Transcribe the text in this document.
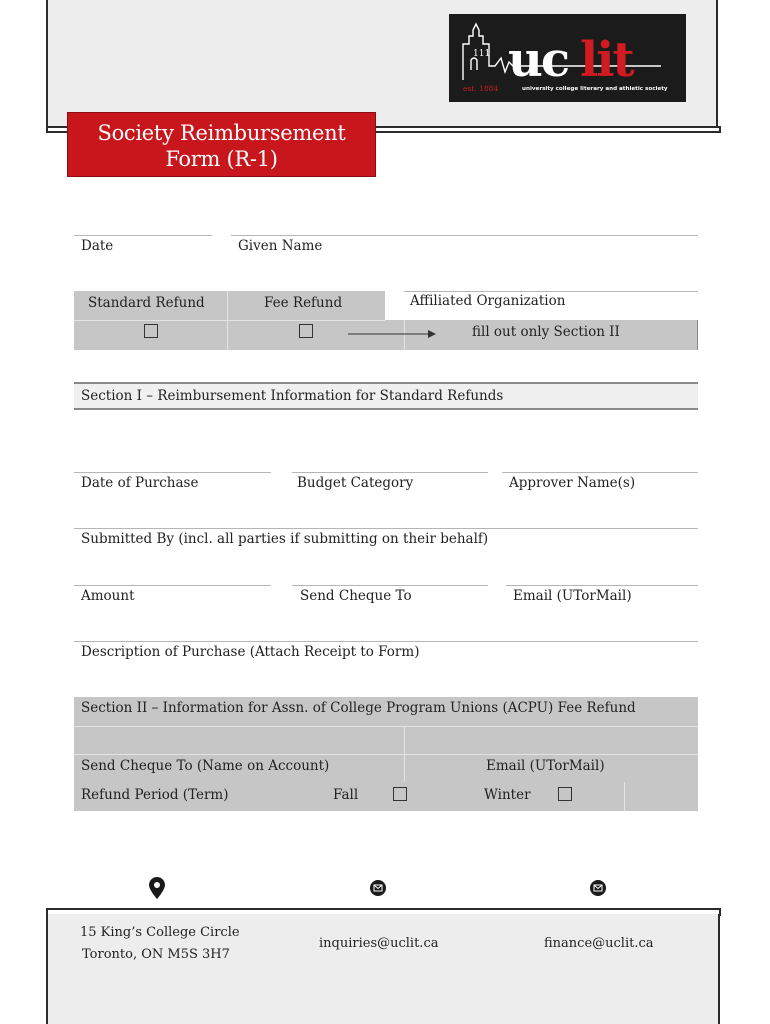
111 uc lit
est. 1884	university college literary and athletic society
Society Reimbursement
Form (R-1)
Date	Given Name
Standard Refund	Fee Refund	Affiliated Organization
fill out only Section II
Section I – Reimbursement Information for Standard Refunds
Date of Purchase	Budget Category	Approver Name(s)
Submitted By (incl. all parties if submitting on their behalf)
Amount	Send Cheque To	Email (UTorMail)
Description of Purchase (Attach Receipt to Form)
Section II – Information for Assn. of College Program Unions (ACPU) Fee Refund
Send Cheque To (Name on Account)	Email (UTorMail)
Refund Period (Term)	Fall	Winter
15 King’s College Circle
Toronto, ON M5S 3H7
inquiries@uclit.ca	finance@uclit.ca
